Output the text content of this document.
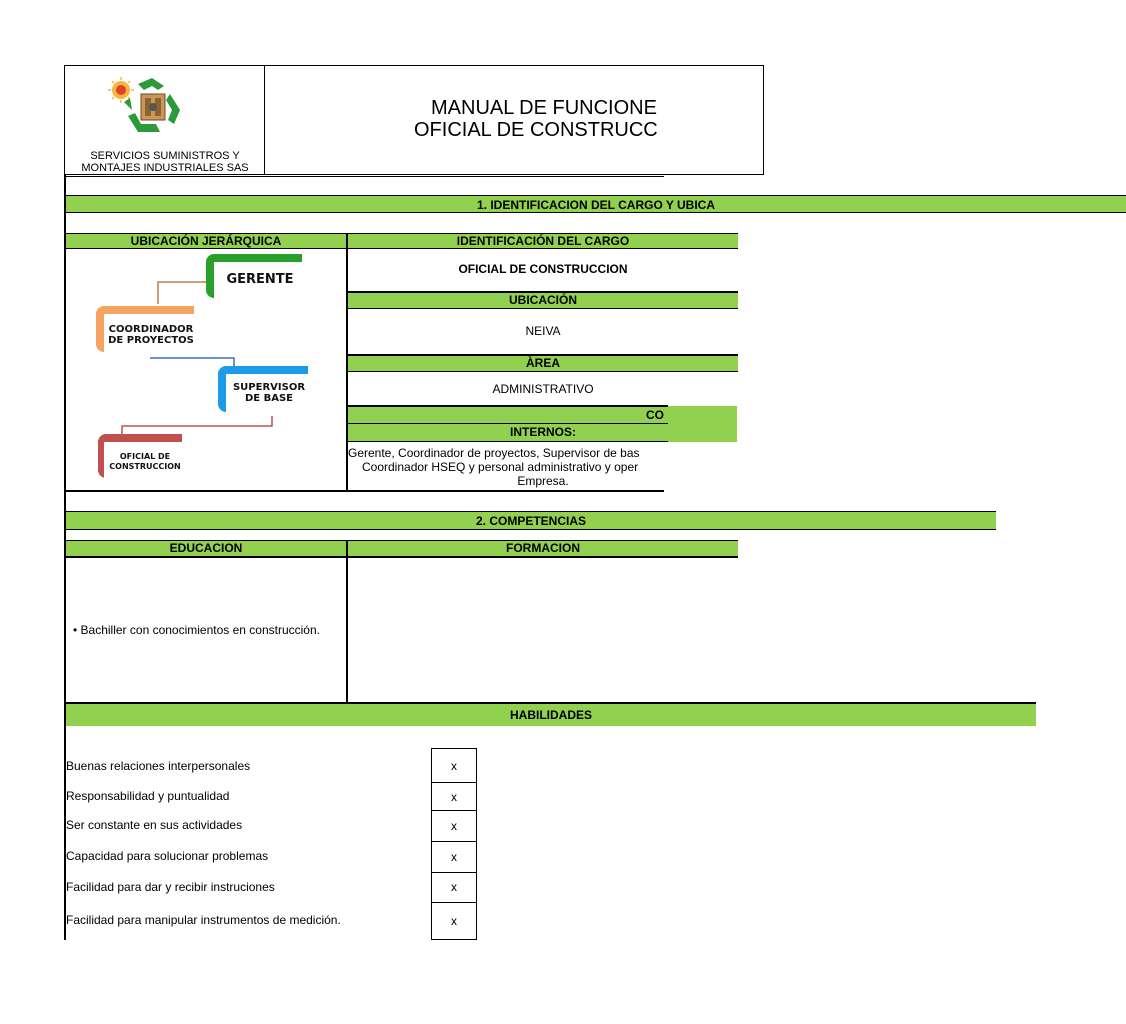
SERVICIOS SUMINISTROS Y
MONTAJES INDUSTRIALES SAS
MANUAL DE FUNCIONE
OFICIAL DE CONSTRUCC
1. IDENTIFICACION DEL CARGO Y UBICA
UBICACIÓN JERÁRQUICA	IDENTIFICACIÓN DEL CARGO
GERENTE
COORDINADOR
DE PROYECTOS
SUPERVISOR
DE BASE
OFICIAL DE
CONSTRUCCION
OFICIAL DE CONSTRUCCION
UBICACIÓN
NEIVA
ÀREA
ADMINISTRATIVO
CO
INTERNOS:
Gerente, Coordinador de proyectos, Supervisor de bas
Coordinador HSEQ y personal administrativo y oper
Empresa.
2. COMPETENCIAS
EDUCACION	FORMACION
• Bachiller con conocimientos en construcción.
HABILIDADES
Buenas relaciones interpersonales	x
Responsabilidad y puntualidad	x
Ser constante en sus actividades	x
Capacidad para solucionar problemas	x
Facilidad para dar y recibir instruciones	x
Facilidad para manipular instrumentos de medición.	x
